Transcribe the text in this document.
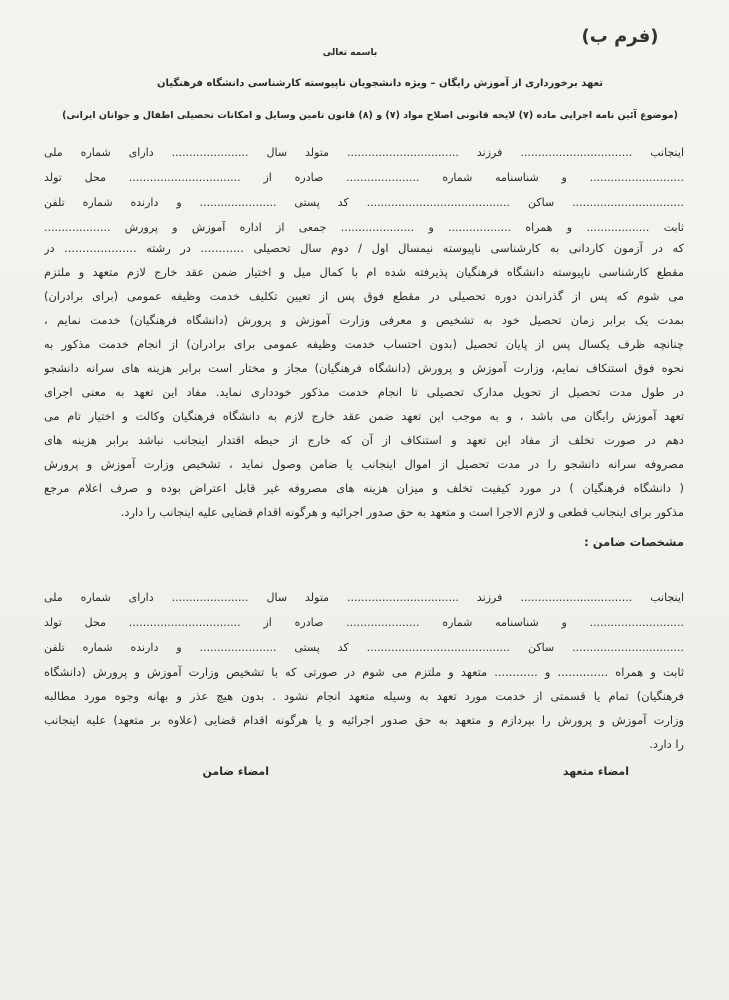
(فرم ب)
باسمه تعالی
تعهد برخورداری از آموزش رایگان – ویژه دانشجویان ناپیوسته کارشناسی دانشگاه فرهنگیان
(موضوع آئین نامه اجرایی ماده (۷) لایحه قانونی اصلاح مواد (۷) و (۸) قانون تامین وسایل و امکانات تحصیلی اطفال و جوانان ایرانی)
اینجانب ................................ فرزند ................................ متولد سال ...................... دارای شماره ملی
........................... و شناسنامه شماره ..................... صادره از ................................ محل تولد
................................ ساکن ......................................... کد پستی ...................... و دارنده شماره تلفن
ثابت .................. و همراه .................. و ..................... جمعی از اداره آموزش و پرورش ...................
که در آزمون کاردانی به کارشناسی ناپیوسته نیمسال اول / دوم سال تحصیلی ............ در رشته .................... در
مقطع کارشناسی ناپیوسته دانشگاه فرهنگیان پذیرفته شده ام با کمال میل و اختیار ضمن عقد خارج لازم متعهد و ملتزم
می شوم که پس از گذراندن دوره تحصیلی در مقطع فوق پس از تعیین تکلیف خدمت وظیفه عمومی (برای برادران)
بمدت یک برابر زمان تحصیل خود به تشخیص و معرفی وزارت آموزش و پرورش (دانشگاه فرهنگیان) خدمت نمایم ،
چنانچه ظرف یکسال پس از پایان تحصیل (بدون احتساب خدمت وظیفه عمومی برای برادران) از انجام خدمت مذکور به
نحوه فوق استنکاف نمایم، وزارت آموزش و پرورش (دانشگاه فرهنگیان) مجاز و مختار است برابر هزینه های سرانه دانشجو
در طول مدت تحصیل از تحویل مدارک تحصیلی تا انجام خدمت مذکور خودداری نماید. مفاد این تعهد به معنی اجرای
تعهد آموزش رایگان می باشد ، و به موجب این تعهد ضمن عقد خارج لازم به دانشگاه فرهنگیان وکالت و اختیار تام می
دهم در صورت تخلف از مفاد این تعهد و استنکاف از آن که خارج از حیطه اقتدار اینجانب نباشد برابر هزینه های
مصروفه سرانه دانشجو را در مدت تحصیل از اموال اینجانب یا ضامن وصول نماید ، تشخیص وزارت آموزش و پرورش
( دانشگاه فرهنگیان ) در مورد کیفیت تخلف و میزان هزینه های مصروفه غیر قابل اعتراض بوده و صرف اعلام مرجع
مذکور برای اینجانب قطعی و لازم الاجرا است و متعهد به حق صدور اجرائیه و هرگونه اقدام قضایی علیه اینجانب را دارد.
مشخصات ضامن :
اینجانب ................................ فرزند ................................ متولد سال ...................... دارای شماره ملی
........................... و شناسنامه شماره ..................... صادره از ................................ محل تولد
................................ ساکن ......................................... کد پستی ...................... و دارنده شماره تلفن
ثابت و همراه .............. و ............ متعهد و ملتزم می شوم در صورتی که با تشخیص وزارت آموزش و پرورش (دانشگاه
فرهنگیان) تمام یا قسمتی از خدمت مورد تعهد به وسیله متعهد انجام نشود . بدون هیچ عذر و بهانه وجوه مورد مطالبه
وزارت آموزش و پرورش را بپردازم و متعهد به حق صدور اجرائیه و یا هرگونه اقدام قضایی (علاوه بر متعهد) علیه اینجانب
را دارد.
امضاء متعهد
امضاء ضامن
